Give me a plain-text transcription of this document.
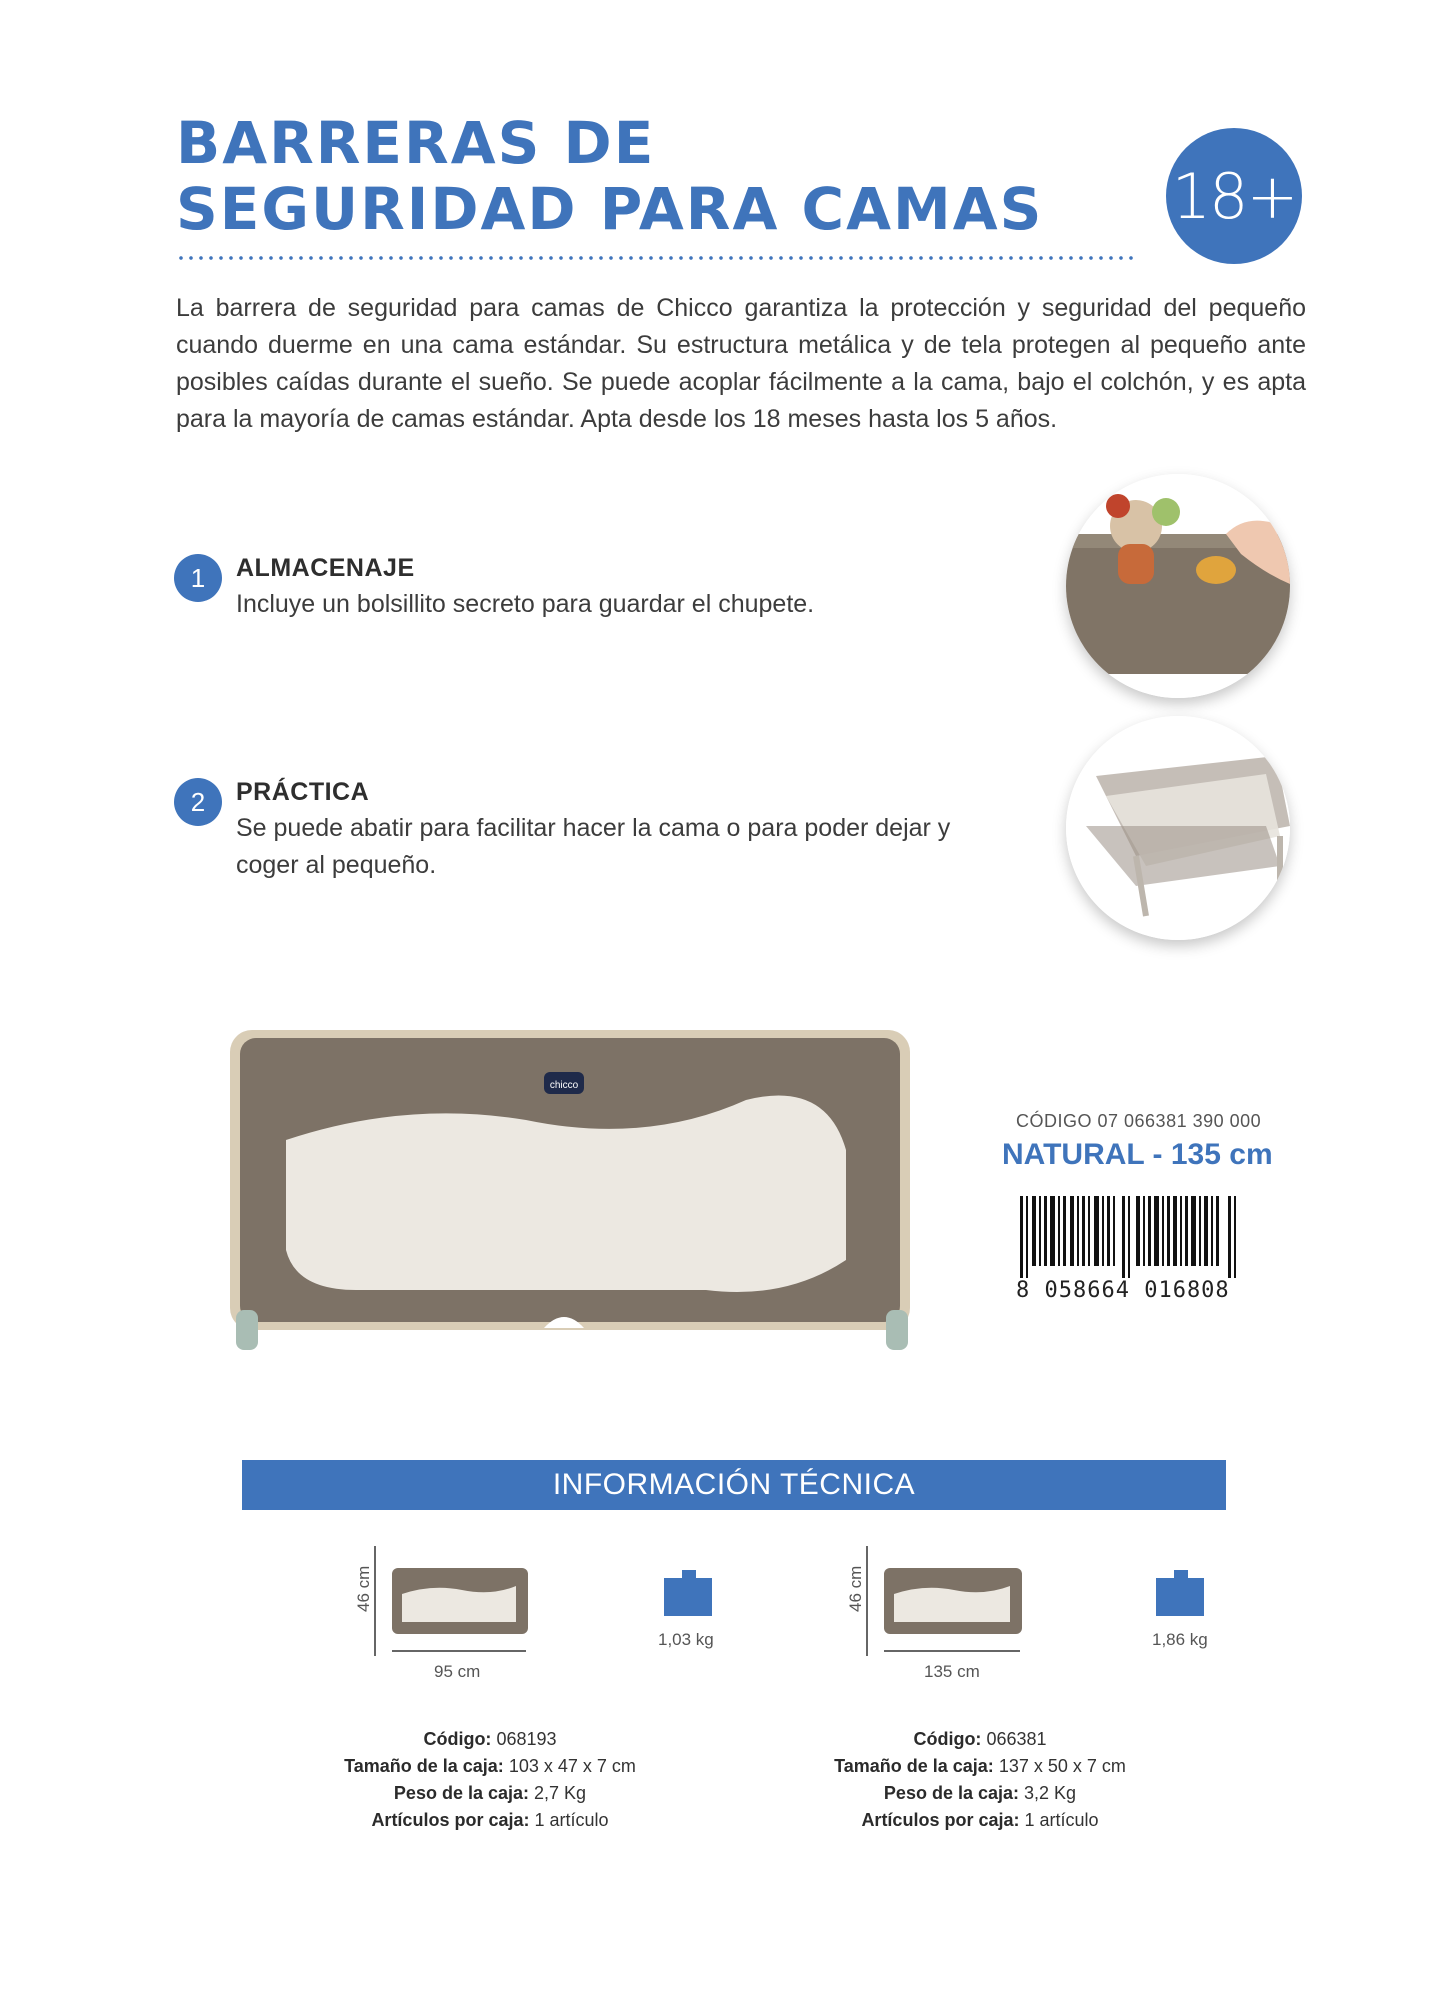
BARRERAS DE
SEGURIDAD PARA CAMAS	18+
La barrera de seguridad para camas de Chicco garantiza la protección y seguridad del pequeño cuando duerme en una cama estándar. Su estructura metálica y de tela protegen al pequeño ante posibles caídas durante el sueño. Se puede acoplar fácilmente a la cama, bajo el colchón, y es apta para la mayoría de camas estándar. Apta desde los 18 meses hasta los 5 años.
1	ALMACENAJE
Incluye un bolsillito secreto para guardar el chupete.
2	PRÁCTICA
Se puede abatir para facilitar hacer la cama o para poder dejar y coger al pequeño.
chicco
CÓDIGO 07 066381 390 000
NATURAL - 135 cm
8 058664 016808
INFORMACIÓN TÉCNICA
46 cm
95 cm
1,03 kg
Código: 068193
Tamaño de la caja: 103 x 47 x 7 cm
Peso de la caja: 2,7 Kg
Artículos por caja: 1 artículo
46 cm
135 cm
1,86 kg
Código: 066381
Tamaño de la caja: 137 x 50 x 7 cm
Peso de la caja: 3,2 Kg
Artículos por caja: 1 artículo
